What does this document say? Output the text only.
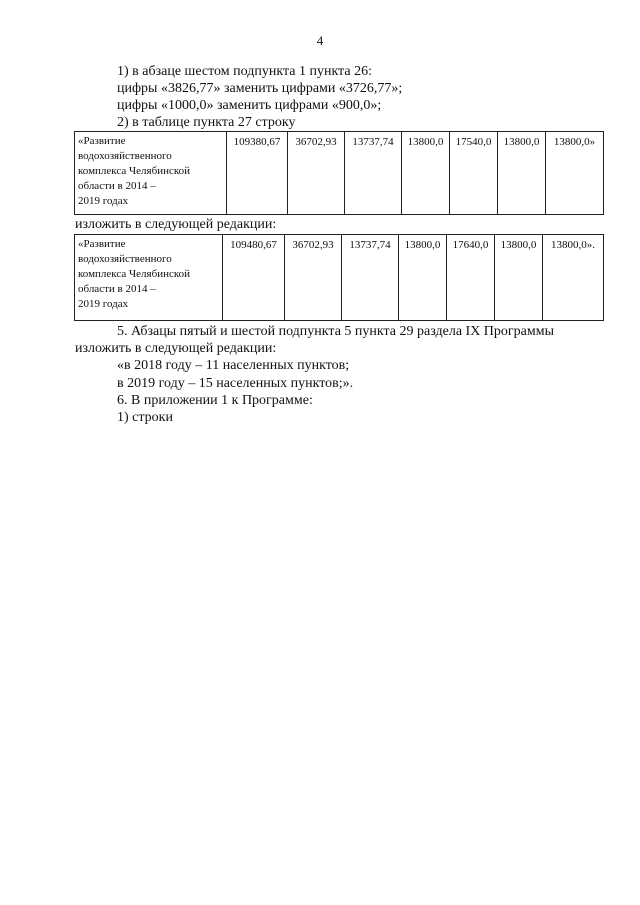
4
1) в абзаце шестом подпункта 1 пункта 26:
цифры «3826,77» заменить цифрами «3726,77»;
цифры «1000,0» заменить цифрами «900,0»;
2) в таблице пункта 27 строку
«Развитие
водохозяйственного
комплекса Челябинской
области в 2014 –
2019 годах	109380,67	36702,93	13737,74	13800,0	17540,0	13800,0	13800,0»
изложить в следующей редакции:
«Развитие
водохозяйственного
комплекса Челябинской
области в 2014 –
2019 годах	109480,67	36702,93	13737,74	13800,0	17640,0	13800,0	13800,0».
5. Абзацы пятый и шестой подпункта 5 пункта 29 раздела IX Программы
изложить в следующей редакции:
«в 2018 году – 11 населенных пунктов;
в 2019 году – 15 населенных пунктов;».
6. В приложении 1 к Программе:
1) строки
